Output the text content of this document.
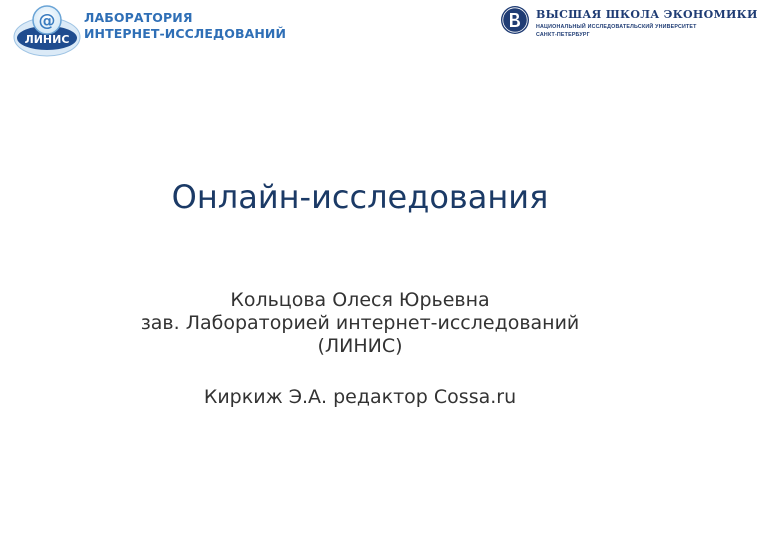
@
ЛИНИС
ЛАБОРАТОРИЯ
ИНТЕРНЕТ-ИССЛЕДОВАНИЙ
ВЫСШАЯ ШКОЛА ЭКОНОМИКИ
НАЦИОНАЛЬНЫЙ ИССЛЕДОВАТЕЛЬСКИЙ УНИВЕРСИТЕТ
САНКТ-ПЕТЕРБУРГ
Онлайн-исследования
Кольцова Олеся Юрьевна
зав. Лабораторией интернет-исследований
(ЛИНИС)
Киркиж Э.А. редактор Cossa.ru
